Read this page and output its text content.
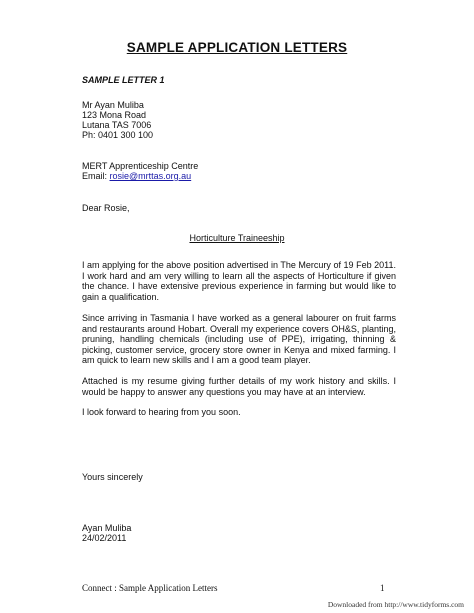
SAMPLE APPLICATION LETTERS
SAMPLE LETTER 1
Mr Ayan Muliba
123 Mona Road
Lutana TAS 7006
Ph: 0401 300 100
MERT Apprenticeship Centre
Email: rosie@mrttas.org.au
Dear Rosie,
Horticulture Traineeship

I am applying for the above position advertised in The Mercury of 19 Feb 2011. I work hard and am very willing to learn all the aspects of Horticulture if given the chance. I have extensive previous experience in farming but would like to gain a qualification.

Since arriving in Tasmania I have worked as a general labourer on fruit farms and restaurants around Hobart. Overall my experience covers OH&S, planting, pruning, handling chemicals (including use of PPE), irrigating, thinning & picking, customer service, grocery store owner in Kenya and mixed farming. I am quick to learn new skills and I am a good team player.

Attached is my resume giving further details of my work history and skills. I would be happy to answer any questions you may have at an interview.

I look forward to hearing from you soon.

Yours sincerely
Ayan Muliba
24/02/2011
Connect : Sample Application Letters	1
Downloaded from http://www.tidyforms.com
